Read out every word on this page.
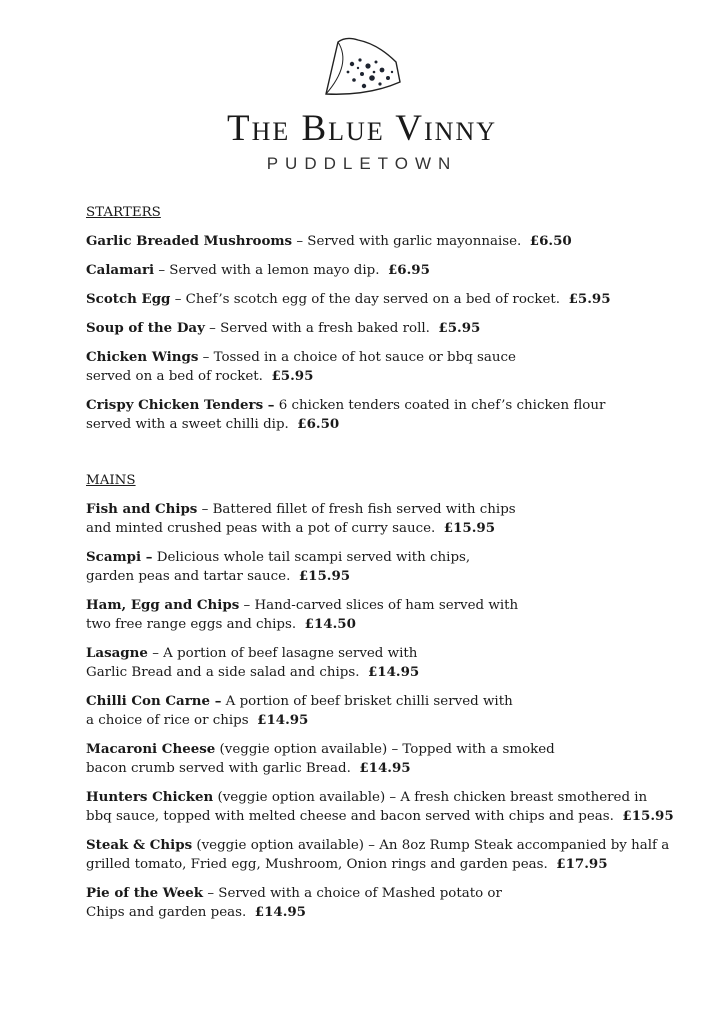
The Blue Vinny
PUDDLETOWN
STARTERS
Garlic Breaded Mushrooms – Served with garlic mayonnaise. £6.50
Calamari – Served with a lemon mayo dip. £6.95
Scotch Egg – Chef’s scotch egg of the day served on a bed of rocket. £5.95
Soup of the Day – Served with a fresh baked roll. £5.95
Chicken Wings – Tossed in a choice of hot sauce or bbq sauce
served on a bed of rocket. £5.95
Crispy Chicken Tenders – 6 chicken tenders coated in chef’s chicken flour
served with a sweet chilli dip. £6.50
MAINS
Fish and Chips – Battered fillet of fresh fish served with chips
and minted crushed peas with a pot of curry sauce. £15.95
Scampi – Delicious whole tail scampi served with chips,
garden peas and tartar sauce. £15.95
Ham, Egg and Chips – Hand-carved slices of ham served with
two free range eggs and chips. £14.50
Lasagne – A portion of beef lasagne served with
Garlic Bread and a side salad and chips. £14.95
Chilli Con Carne – A portion of beef brisket chilli served with
a choice of rice or chips £14.95
Macaroni Cheese (veggie option available) – Topped with a smoked
bacon crumb served with garlic Bread. £14.95
Hunters Chicken (veggie option available) – A fresh chicken breast smothered in
bbq sauce, topped with melted cheese and bacon served with chips and peas. £15.95
Steak & Chips (veggie option available) – An 8oz Rump Steak accompanied by half a
grilled tomato, Fried egg, Mushroom, Onion rings and garden peas. £17.95
Pie of the Week – Served with a choice of Mashed potato or
Chips and garden peas. £14.95
